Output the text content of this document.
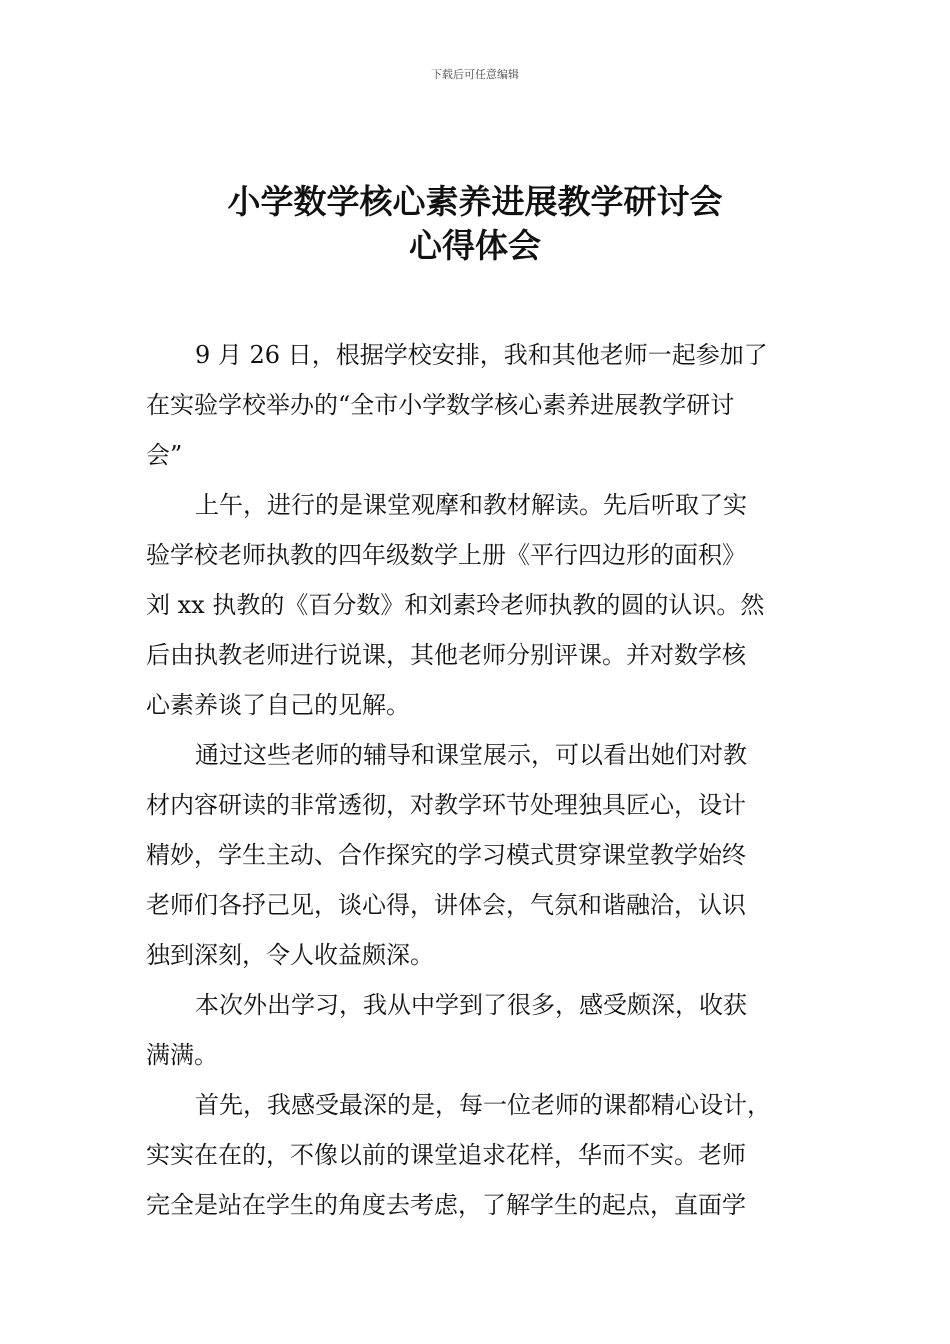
下载后可任意编辑
小学数学核心素养进展教学研讨会
心得体会
9 月 26 日，根据学校安排，我和其他老师一起参加了
在实验学校举办的“全市小学数学核心素养进展教学研讨
会”
上午，进行的是课堂观摩和教材解读。先后听取了实
验学校老师执教的四年级数学上册《平行四边形的面积》
刘 xx 执教的《百分数》和刘素玲老师执教的圆的认识。然
后由执教老师进行说课，其他老师分别评课。并对数学核
心素养谈了自己的见解。
通过这些老师的辅导和课堂展示，可以看出她们对教
材内容研读的非常透彻，对教学环节处理独具匠心，设计
精妙，学生主动、合作探究的学习模式贯穿课堂教学始终
老师们各抒己见，谈心得，讲体会，气氛和谐融洽，认识
独到深刻，令人收益颇深。
本次外出学习，我从中学到了很多，感受颇深，收获
满满。
首先，我感受最深的是，每一位老师的课都精心设计，
实实在在的，不像以前的课堂追求花样，华而不实。老师
完全是站在学生的角度去考虑，了解学生的起点，直面学
